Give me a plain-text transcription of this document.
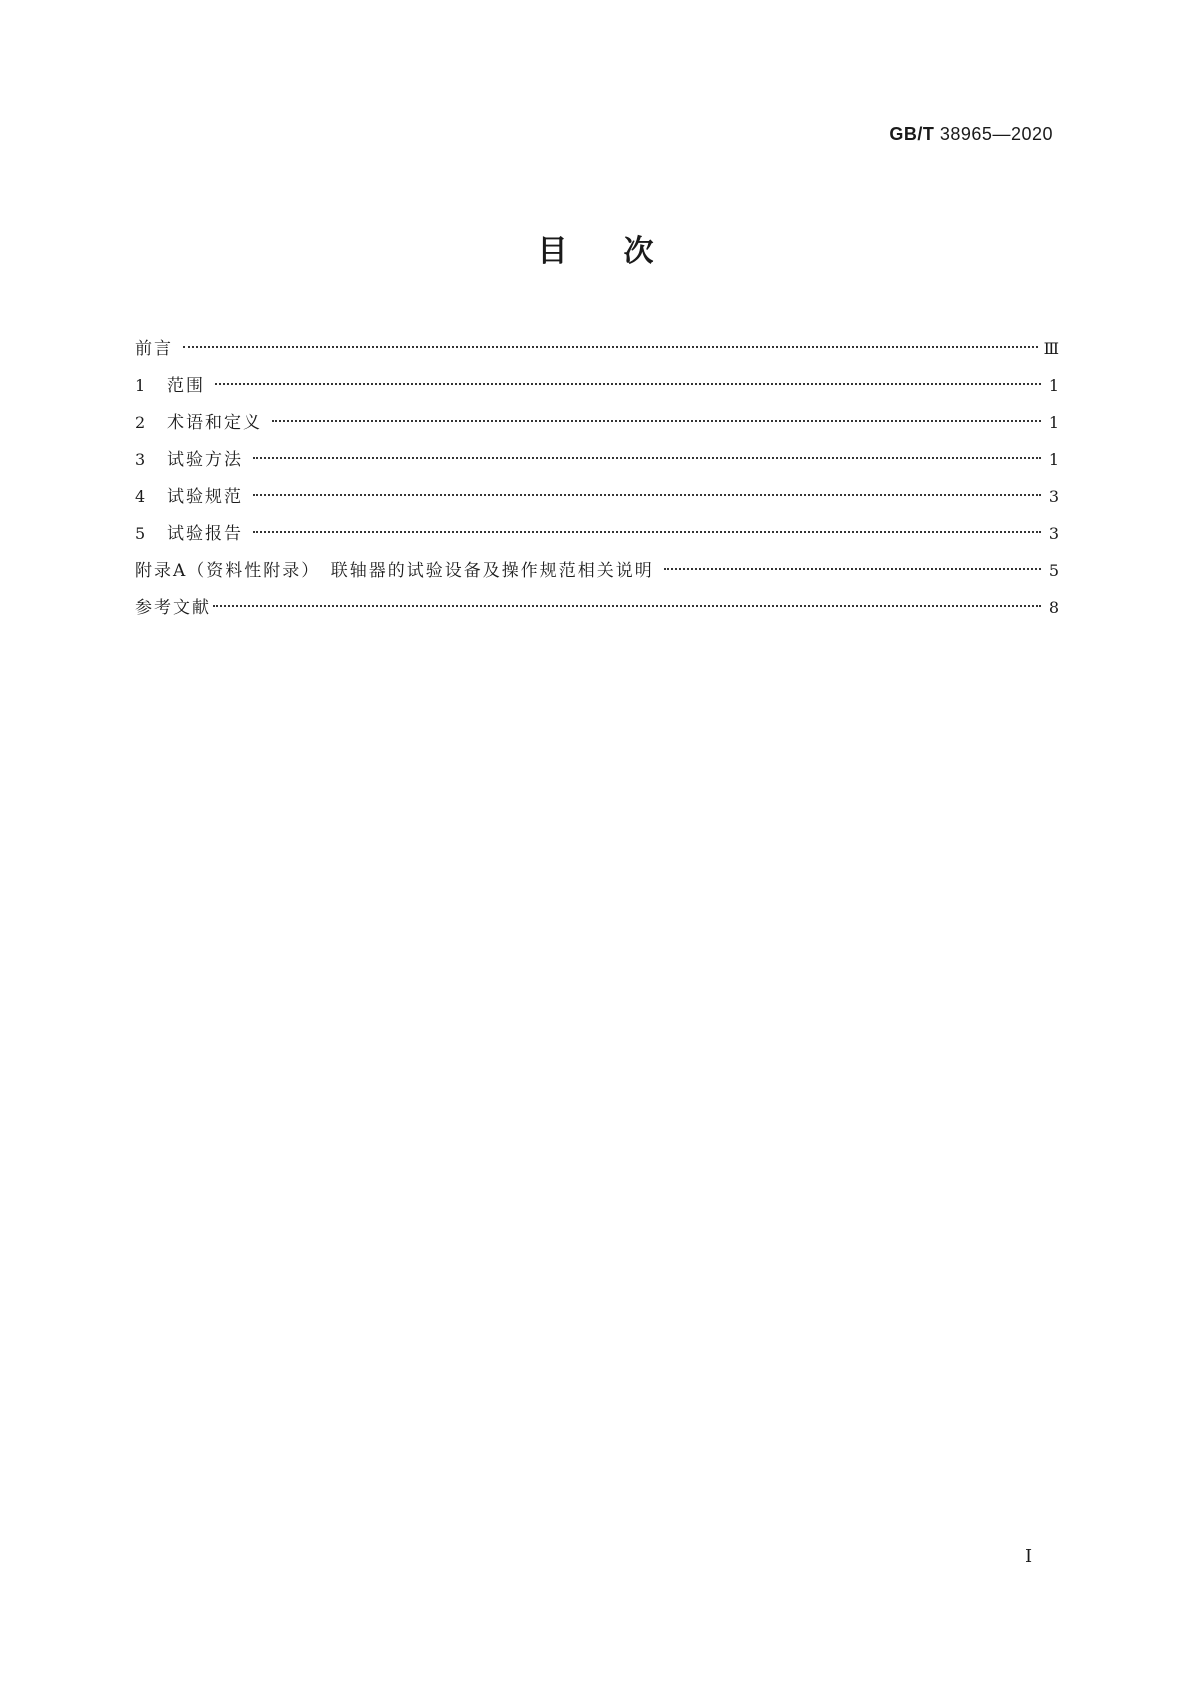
GB/T 38965—2020
目次
前言	Ⅲ
1	范围	1
2	术语和定义	1
3	试验方法	1
4	试验规范	3
5	试验报告	3
附录A（资料性附录）　联轴器的试验设备及操作规范相关说明	5
参考文献	8
Ⅰ
